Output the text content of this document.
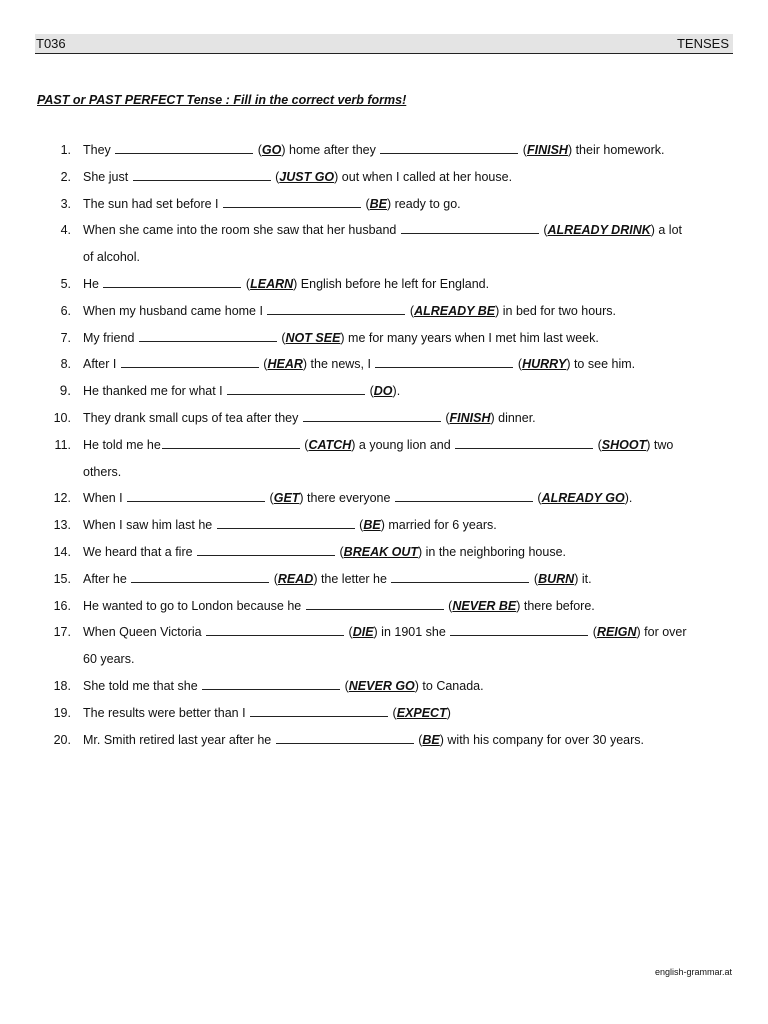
T036	TENSES
PAST or PAST PERFECT Tense : Fill in the correct verb forms!
1. They	(GO) home after they	(FINISH) their homework.
2. She just	(JUST GO) out when I called at her house.
3. The sun had set before I	(BE) ready to go.
4. When she came into the room she saw that her husband	(ALREADY DRINK) a lot
of alcohol.
5. He	(LEARN) English before he left for England.
6. When my husband came home I	(ALREADY BE) in bed for two hours.
7. My friend	(NOT SEE) me for many years when I met him last week.
8. After I	(HEAR) the news, I	(HURRY) to see him.
9. He thanked me for what I	(DO).
10. They drank small cups of tea after they	(FINISH) dinner.
11. He told me he	(CATCH) a young lion and	(SHOOT) two
others.
12. When I	(GET) there everyone	(ALREADY GO).
13. When I saw him last he	(BE) married for 6 years.
14. We heard that a fire	(BREAK OUT) in the neighboring house.
15. After he	(READ) the letter he	(BURN) it.
16. He wanted to go to London because he	(NEVER BE) there before.
17. When Queen Victoria	(DIE) in 1901 she	(REIGN) for over
60 years.
18. She told me that she	(NEVER GO) to Canada.
19. The results were better than I	(EXPECT)
20. Mr. Smith retired last year after he	(BE) with his company for over 30 years.
english-grammar.at
